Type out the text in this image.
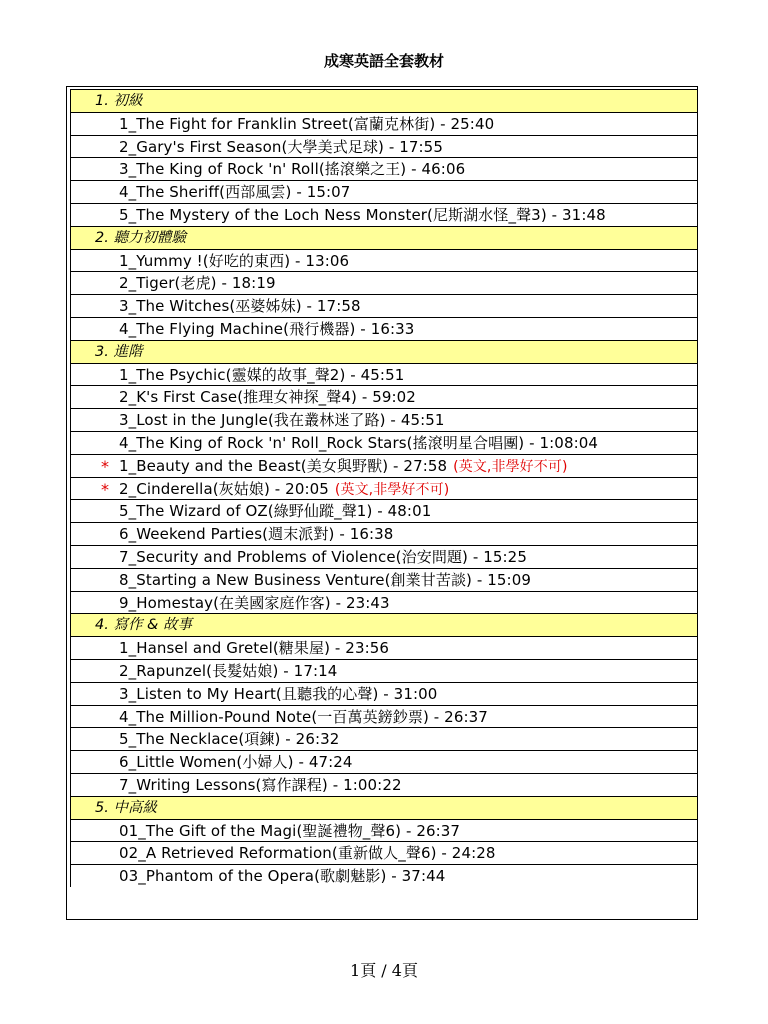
成寒英語全套教材
1. 初級
1_The Fight for Franklin Street(富蘭克林街) - 25:40
2_Gary's First Season(大學美式足球) - 17:55
3_The King of Rock 'n' Roll(搖滾樂之王) - 46:06
4_The Sheriff(西部風雲) - 15:07
5_The Mystery of the Loch Ness Monster(尼斯湖水怪_聲3) - 31:48
2. 聽力初體驗
1_Yummy !(好吃的東西) - 13:06
2_Tiger(老虎) - 18:19
3_The Witches(巫婆姊妹) - 17:58
4_The Flying Machine(飛行機器) - 16:33
3. 進階
1_The Psychic(靈媒的故事_聲2) - 45:51
2_K's First Case(推理女神探_聲4) - 59:02
3_Lost in the Jungle(我在叢林迷了路) - 45:51
4_The King of Rock 'n' Roll_Rock Stars(搖滾明星合唱團) - 1:08:04
* 1_Beauty and the Beast(美女與野獸) - 27:58 (英文,非學好不可)
* 2_Cinderella(灰姑娘) - 20:05 (英文,非學好不可)
5_The Wizard of OZ(綠野仙蹤_聲1) - 48:01
6_Weekend Parties(週末派對) - 16:38
7_Security and Problems of Violence(治安問題) - 15:25
8_Starting a New Business Venture(創業甘苦談) - 15:09
9_Homestay(在美國家庭作客) - 23:43
4. 寫作 & 故事
1_Hansel and Gretel(糖果屋) - 23:56
2_Rapunzel(長髮姑娘) - 17:14
3_Listen to My Heart(且聽我的心聲) - 31:00
4_The Million-Pound Note(一百萬英鎊鈔票) - 26:37
5_The Necklace(項鍊) - 26:32
6_Little Women(小婦人) - 47:24
7_Writing Lessons(寫作課程) - 1:00:22
5. 中高級
01_The Gift of the Magi(聖誕禮物_聲6) - 26:37
02_A Retrieved Reformation(重新做人_聲6) - 24:28
03_Phantom of the Opera(歌劇魅影) - 37:44
1頁 / 4頁
